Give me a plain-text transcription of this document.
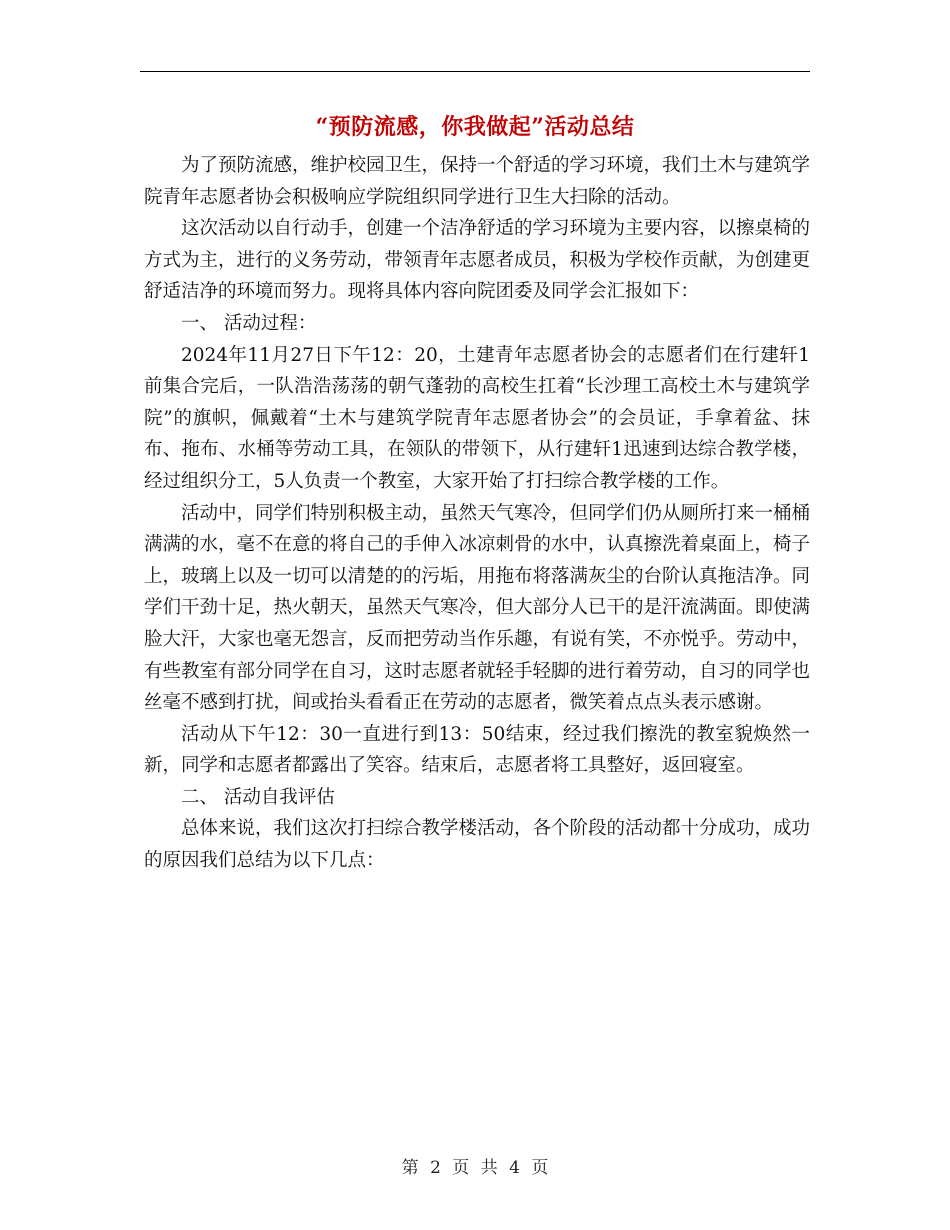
“预防流感，你我做起”活动总结

为了预防流感，维护校园卫生，保持一个舒适的学习环境，我们土木与建筑学院青年志愿者协会积极响应学院组织同学进行卫生大扫除的活动。

这次活动以自行动手，创建一个洁净舒适的学习环境为主要内容，以擦桌椅的方式为主，进行的义务劳动，带领青年志愿者成员，积极为学校作贡献，为创建更舒适洁净的环境而努力。现将具体内容向院团委及同学会汇报如下：

一、 活动过程：

2024年11月27日下午12：20，土建青年志愿者协会的志愿者们在行建轩1前集合完后，一队浩浩荡荡的朝气蓬勃的高校生扛着“长沙理工高校土木与建筑学院”的旗帜，佩戴着“土木与建筑学院青年志愿者协会”的会员证，手拿着盆、抹布、拖布、水桶等劳动工具，在领队的带领下，从行建轩1迅速到达综合教学楼，经过组织分工，5人负责一个教室，大家开始了打扫综合教学楼的工作。

活动中，同学们特别积极主动，虽然天气寒冷，但同学们仍从厕所打来一桶桶满满的水，毫不在意的将自己的手伸入冰凉刺骨的水中，认真擦洗着桌面上，椅子上，玻璃上以及一切可以清楚的的污垢，用拖布将落满灰尘的台阶认真拖洁净。同学们干劲十足，热火朝天，虽然天气寒冷，但大部分人已干的是汗流满面。即使满脸大汗，大家也毫无怨言，反而把劳动当作乐趣，有说有笑，不亦悦乎。劳动中，有些教室有部分同学在自习，这时志愿者就轻手轻脚的进行着劳动，自习的同学也丝毫不感到打扰，间或抬头看看正在劳动的志愿者，微笑着点点头表示感谢。

活动从下午12：30一直进行到13：50结束，经过我们擦洗的教室貌焕然一新，同学和志愿者都露出了笑容。结束后，志愿者将工具整好，返回寝室。

二、 活动自我评估

总体来说，我们这次打扫综合教学楼活动，各个阶段的活动都十分成功，成功的原因我们总结为以下几点：

第 2 页 共 4 页
